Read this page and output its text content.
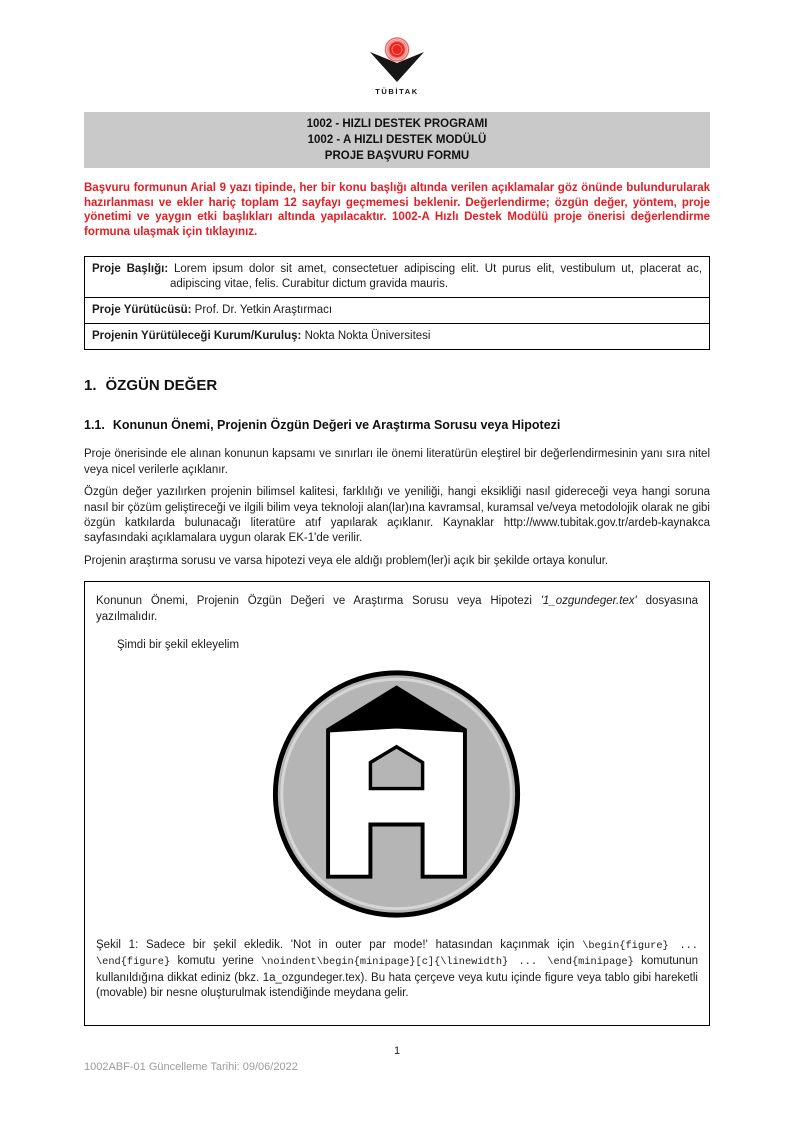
TÜBİTAK
1002 - HIZLI DESTEK PROGRAMI
1002 - A HIZLI DESTEK MODÜLÜ
PROJE BAŞVURU FORMU

Başvuru formunun Arial 9 yazı tipinde, her bir konu başlığı altında verilen açıklamalar göz önünde bulundurularak hazırlanması ve ekler hariç toplam 12 sayfayı geçmemesi beklenir. Değerlendirme; özgün değer, yöntem, proje yönetimi ve yaygın etki başlıkları altında yapılacaktır. 1002-A Hızlı Destek Modülü proje önerisi değerlendirme formuna ulaşmak için tıklayınız.

Proje Başlığı: Lorem ipsum dolor sit amet, consectetuer adipiscing elit. Ut purus elit, vestibulum ut, placerat ac, adipiscing vitae, felis. Curabitur dictum gravida mauris.

Proje Yürütücüsü: Prof. Dr. Yetkin Araştırmacı
Projenin Yürütüleceği Kurum/Kuruluş: Nokta Nokta Üniversitesi
1. ÖZGÜN DEĞER
1.1. Konunun Önemi, Projenin Özgün Değeri ve Araştırma Sorusu veya Hipotezi

Proje önerisinde ele alınan konunun kapsamı ve sınırları ile önemi literatürün eleştirel bir değerlendirmesinin yanı sıra nitel veya nicel verilerle açıklanır.

Özgün değer yazılırken projenin bilimsel kalitesi, farklılığı ve yeniliği, hangi eksikliği nasıl gidereceği veya hangi soruna nasıl bir çözüm geliştireceği ve ilgili bilim veya teknoloji alan(lar)ına kavramsal, kuramsal ve/veya metodolojik olarak ne gibi özgün katkılarda bulunacağı literatüre atıf yapılarak açıklanır. Kaynaklar http://www.tubitak.gov.tr/ardeb-kaynakca sayfasındaki açıklamalara uygun olarak EK-1'de verilir.

Projenin araştırma sorusu ve varsa hipotezi veya ele aldığı problem(ler)i açık bir şekilde ortaya konulur.

Konunun Önemi, Projenin Özgün Değeri ve Araştırma Sorusu veya Hipotezi '1_ozgundeger.tex' dosyasına yazılmalıdır.
Şimdi bir şekil ekleyelim
Şekil 1: Sadece bir şekil ekledik. 'Not in outer par mode!' hatasından kaçınmak için \begin{figure} ... \end{figure} komutu yerine \noindent\begin{minipage}[c]{\linewidth} ... \end{minipage} komutunun kullanıldığına dikkat ediniz (bkz. 1a_ozgundeger.tex). Bu hata çerçeve veya kutu içinde figure veya tablo gibi hareketli (movable) bir nesne oluşturulmak istendiğinde meydana gelir.
1
1002ABF-01 Güncelleme Tarihi: 09/06/2022
